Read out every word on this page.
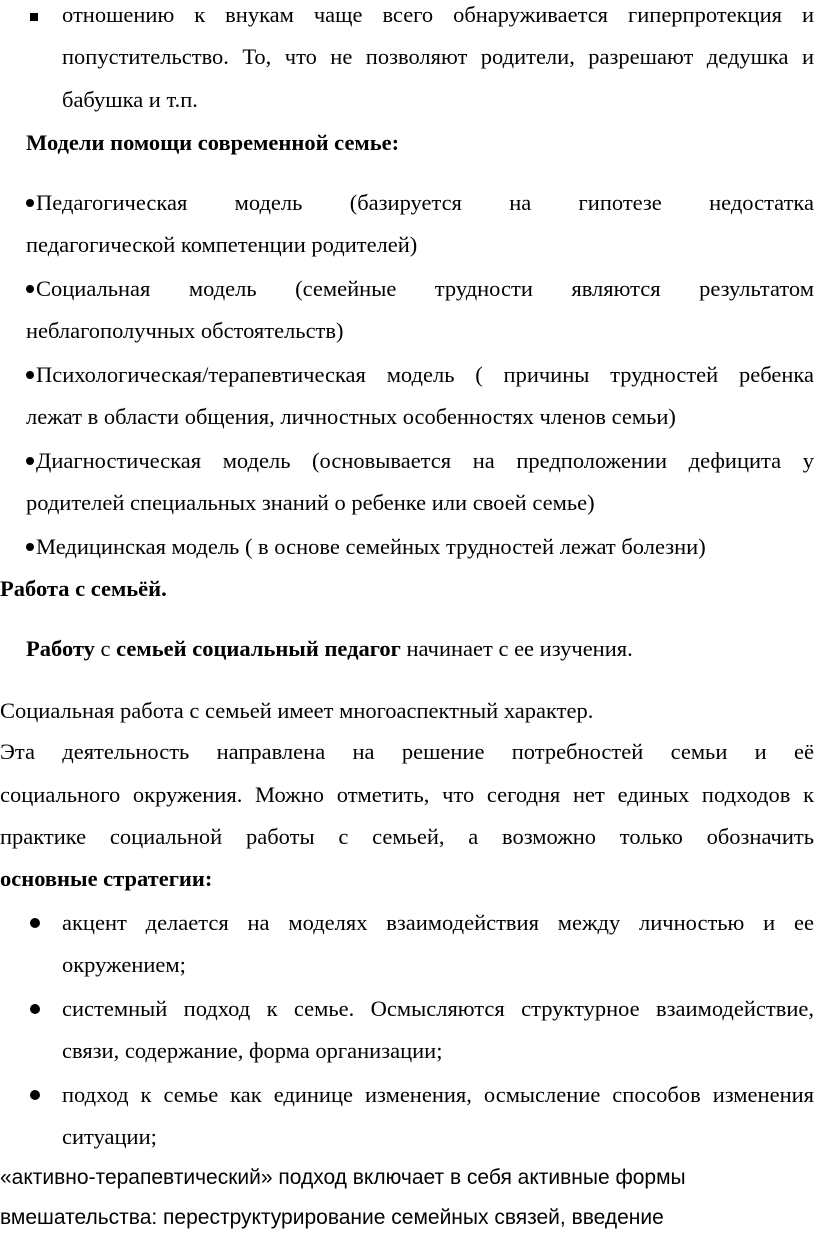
отношению к внукам чаще всего обнаруживается гиперпротекция и
попустительство. То, что не позволяют родители, разрешают дедушка и
бабушка и т.п.
Модели помощи современной семье:
Педагогическая модель (базируется на гипотезе недостатка
педагогической компетенции родителей)
Социальная модель (семейные трудности являются результатом
неблагополучных обстоятельств)
Психологическая/терапевтическая модель ( причины трудностей ребенка
лежат в области общения, личностных особенностях членов семьи)
Диагностическая модель (основывается на предположении дефицита у
родителей специальных знаний о ребенке или своей семье)
Медицинская модель ( в основе семейных трудностей лежат болезни)
Работа с семьёй.
Работу с семьей социальный педагог начинает с ее изучения.
Социальная работа с семьей имеет многоаспектный характер.
Эта деятельность направлена на решение потребностей семьи и её
социального окружения. Можно отметить, что сегодня нет единых подходов к
практике социальной работы с семьей, а возможно только обозначить
основные стратегии:
акцент делается на моделях взаимодействия между личностью и ее
окружением;
системный подход к семье. Осмысляются структурное взаимодействие,
связи, содержание, форма организации;
подход к семье как единице изменения, осмысление способов изменения
ситуации;
«активно-терапевтический» подход включает в себя активные формы
вмешательства: переструктурирование семейных связей, введение
